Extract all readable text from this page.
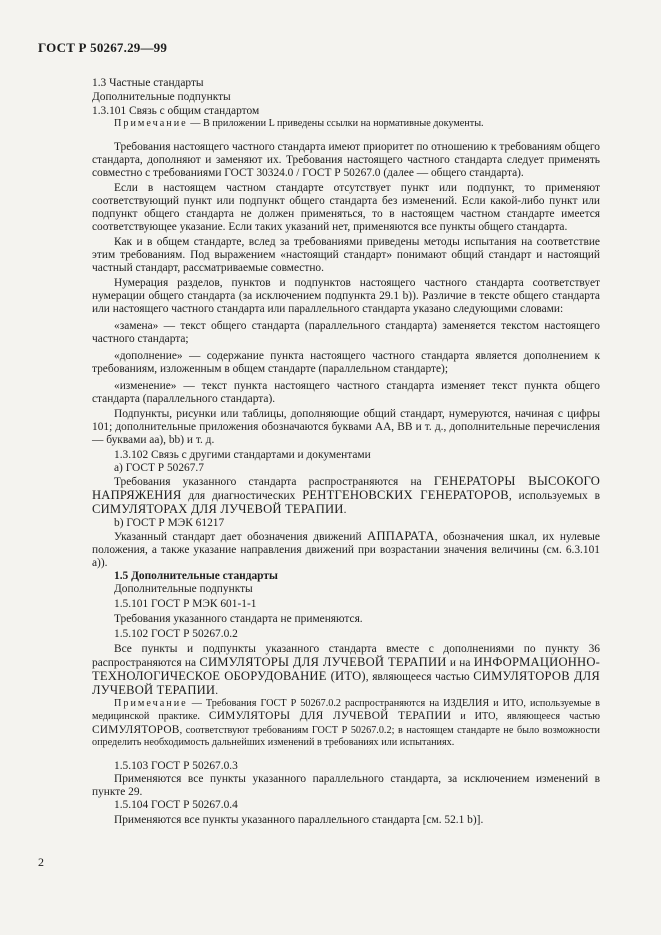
ГОСТ Р 50267.29—99

1.3 Частные стандарты

Дополнительные подпункты

1.3.101 Связь с общим стандартом

Примечание — В приложении L приведены ссылки на нормативные документы.

Требования настоящего частного стандарта имеют приоритет по отношению к требованиям общего стандарта, дополняют и заменяют их. Требования настоящего частного стандарта следует применять совместно с требованиями ГОСТ 30324.0 / ГОСТ Р 50267.0 (далее — общего стандарта).

Если в настоящем частном стандарте отсутствует пункт или подпункт, то применяют соответствующий пункт или подпункт общего стандарта без изменений. Если какой-либо пункт или подпункт общего стандарта не должен применяться, то в настоящем частном стандарте имеется соответствующее указание. Если таких указаний нет, применяются все пункты общего стандарта.

Как и в общем стандарте, вслед за требованиями приведены методы испытания на соответствие этим требованиям. Под выражением «настоящий стандарт» понимают общий стандарт и настоящий частный стандарт, рассматриваемые совместно.

Нумерация разделов, пунктов и подпунктов настоящего частного стандарта соответствует нумерации общего стандарта (за исключением подпункта 29.1 b)). Различие в тексте общего стандарта или настоящего частного стандарта или параллельного стандарта указано следующими словами:

«замена» — текст общего стандарта (параллельного стандарта) заменяется текстом настоящего частного стандарта;

«дополнение» — содержание пункта настоящего частного стандарта является дополнением к требованиям, изложенным в общем стандарте (параллельном стандарте);

«изменение» — текст пункта настоящего частного стандарта изменяет текст пункта общего стандарта (параллельного стандарта).

Подпункты, рисунки или таблицы, дополняющие общий стандарт, нумеруются, начиная с цифры 101; дополнительные приложения обозначаются буквами АА, ВВ и т. д., дополнительные перечисления— буквами аа), bb) и т. д.

1.3.102 Связь с другими стандартами и документами

a) ГОСТ Р 50267.7

Требования указанного стандарта распространяются на ГЕНЕРАТОРЫ ВЫСОКОГО НАПРЯЖЕНИЯ для диагностических РЕНТГЕНОВСКИХ ГЕНЕРАТОРОВ, используемых в СИМУЛЯТОРАХ ДЛЯ ЛУЧЕВОЙ ТЕРАПИИ.

b) ГОСТ Р МЭК 61217

Указанный стандарт дает обозначения движений АППАРАТА, обозначения шкал, их нулевые положения, а также указание направления движений при возрастании значения величины (см. 6.3.101 а)).

1.5 Дополнительные стандарты

Дополнительные подпункты

1.5.101 ГОСТ Р МЭК 601-1-1

Требования указанного стандарта не применяются.

1.5.102 ГОСТ Р 50267.0.2

Все пункты и подпункты указанного стандарта вместе с дополнениями по пункту 36 распространяются на СИМУЛЯТОРЫ ДЛЯ ЛУЧЕВОЙ ТЕРАПИИ и на ИНФОРМАЦИОННО-ТЕХНОЛОГИЧЕСКОЕ ОБОРУДОВАНИЕ (ИТО), являющееся частью СИМУЛЯТОРОВ ДЛЯ ЛУЧЕВОЙ ТЕРАПИИ.

Примечание — Требования ГОСТ Р 50267.0.2 распространяются на ИЗДЕЛИЯ и ИТО, используемые в медицинской практике. СИМУЛЯТОРЫ ДЛЯ ЛУЧЕВОЙ ТЕРАПИИ и ИТО, являющееся частью СИМУЛЯТОРОВ, соответствуют требованиям ГОСТ Р 50267.0.2; в настоящем стандарте не было возможности определить необходимость дальнейших изменений в требованиях или испытаниях.

1.5.103 ГОСТ Р 50267.0.3

Применяются все пункты указанного параллельного стандарта, за исключением изменений в пункте 29.

1.5.104 ГОСТ Р 50267.0.4

Применяются все пункты указанного параллельного стандарта [см. 52.1 b)].

2
